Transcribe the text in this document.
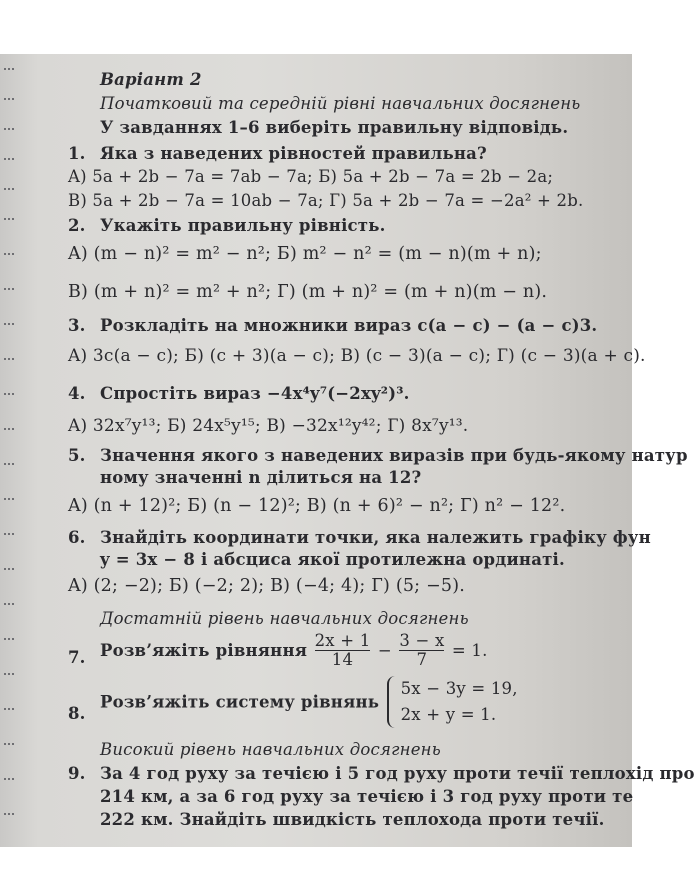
Варіант 2
Початковий та середній рівні навчальних досягнень
У завданнях 1–6 виберіть правильну відповідь.
1. Яка з наведених рівностей правильна?
A) 5a + 2b − 7a = 7ab − 7a; Б) 5a + 2b − 7a = 2b − 2a;
B) 5a + 2b − 7a = 10ab − 7a; Г) 5a + 2b − 7a = −2a² + 2b.
2. Укажіть правильну рівність.
A) (m − n)² = m² − n²; Б) m² − n² = (m − n)(m + n);
B) (m + n)² = m² + n²; Г) (m + n)² = (m + n)(m − n).
3. Розкладіть на множники вираз c(a − c) − (a − c)3.
A) 3c(a − c); Б) (c + 3)(a − c); B) (c − 3)(a − c); Г) (c − 3)(a + c).
4. Спростіть вираз −4x⁴y⁷(−2xy²)³.
A) 32x⁷y¹³; Б) 24x⁵y¹⁵; B) −32x¹²y⁴²; Г) 8x⁷y¹³.
5. Значення якого з наведених виразів при будь-якому натур
ному значенні n ділиться на 12?
A) (n + 12)²; Б) (n − 12)²; B) (n + 6)² − n²; Г) n² − 12².
6. Знайдіть координати точки, яка належить графіку фун
y = 3x − 8 і абсциса якої протилежна ординаті.
A) (2; −2); Б) (−2; 2); B) (−4; 4); Г) (5; −5).
Достатній рівень навчальних досягнень
7. Розв’яжіть рівняння $\frac{2x + 1}{14} - \frac{3 - x}{7} = 1$.
8.
Розв’яжіть систему рівнянь
5x − 3y = 19,
2x + y = 1.
Високий рівень навчальних досягнень
9. За 4 год руху за течією і 5 год руху проти течії теплохід про
214 км, а за 6 год руху за течією і 3 год руху проти те
222 км. Знайдіть швидкість теплохода проти течії.
